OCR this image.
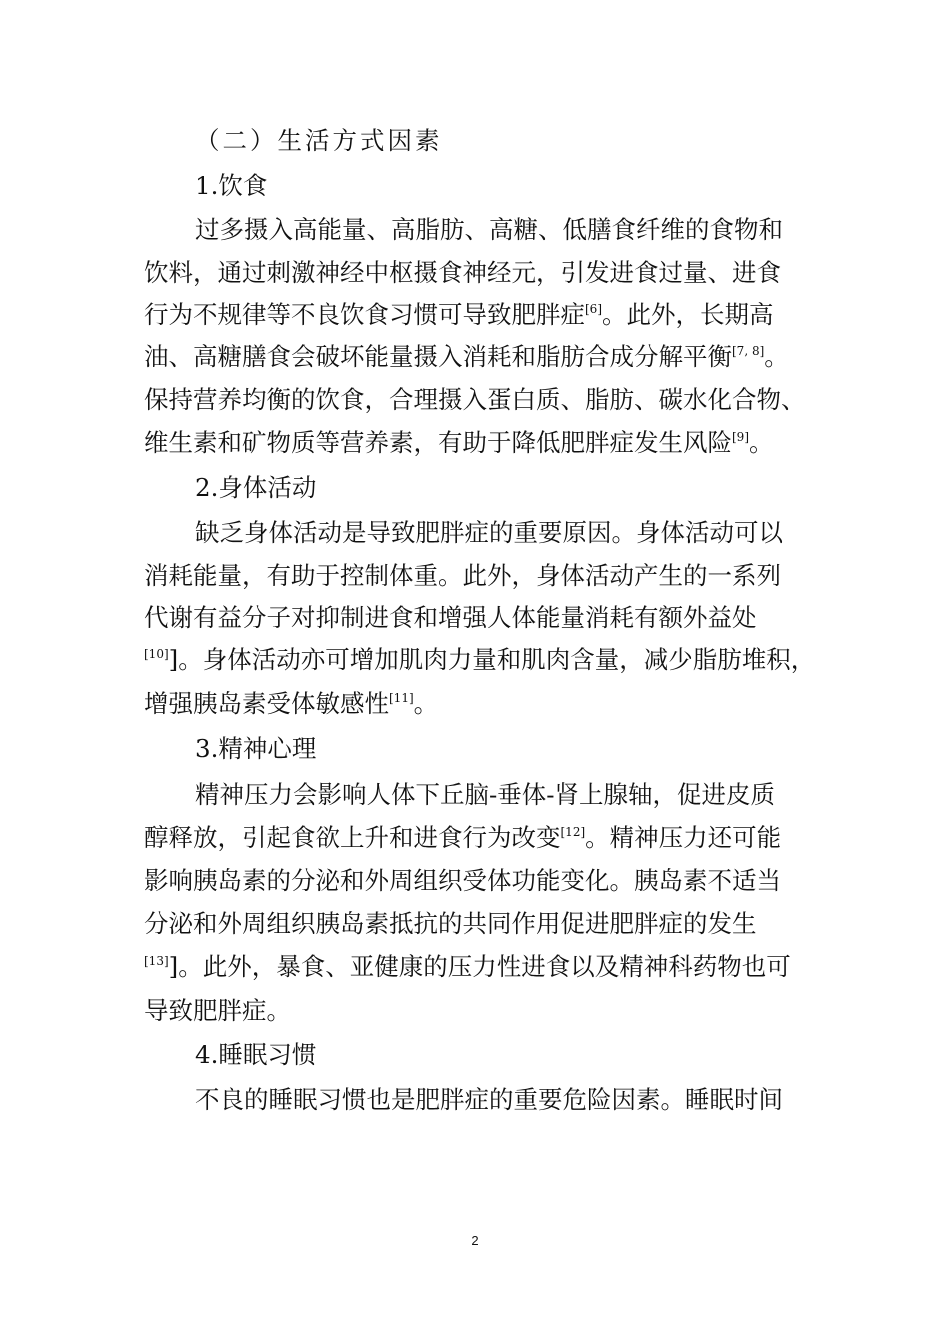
（二）生活方式因素
1.饮食
过多摄入高能量、高脂肪、高糖、低膳食纤维的食物和
饮料，通过刺激神经中枢摄食神经元，引发进食过量、进食
行为不规律等不良饮食习惯可导致肥胖症[6]。此外，长期高
油、高糖膳食会破坏能量摄入消耗和脂肪合成分解平衡[7, 8]。
保持营养均衡的饮食，合理摄入蛋白质、脂肪、碳水化合物、
维生素和矿物质等营养素，有助于降低肥胖症发生风险[9]。
2.身体活动
缺乏身体活动是导致肥胖症的重要原因。身体活动可以
消耗能量，有助于控制体重。此外，身体活动产生的一系列
代谢有益分子对抑制进食和增强人体能量消耗有额外益处
[10]]。身体活动亦可增加肌肉力量和肌肉含量，减少脂肪堆积，
增强胰岛素受体敏感性[11]。
3.精神心理
精神压力会影响人体下丘脑-垂体-肾上腺轴，促进皮质
醇释放，引起食欲上升和进食行为改变[12]。精神压力还可能
影响胰岛素的分泌和外周组织受体功能变化。胰岛素不适当
分泌和外周组织胰岛素抵抗的共同作用促进肥胖症的发生
[13]]。此外，暴食、亚健康的压力性进食以及精神科药物也可
导致肥胖症。
4.睡眠习惯
不良的睡眠习惯也是肥胖症的重要危险因素。睡眠时间
2
